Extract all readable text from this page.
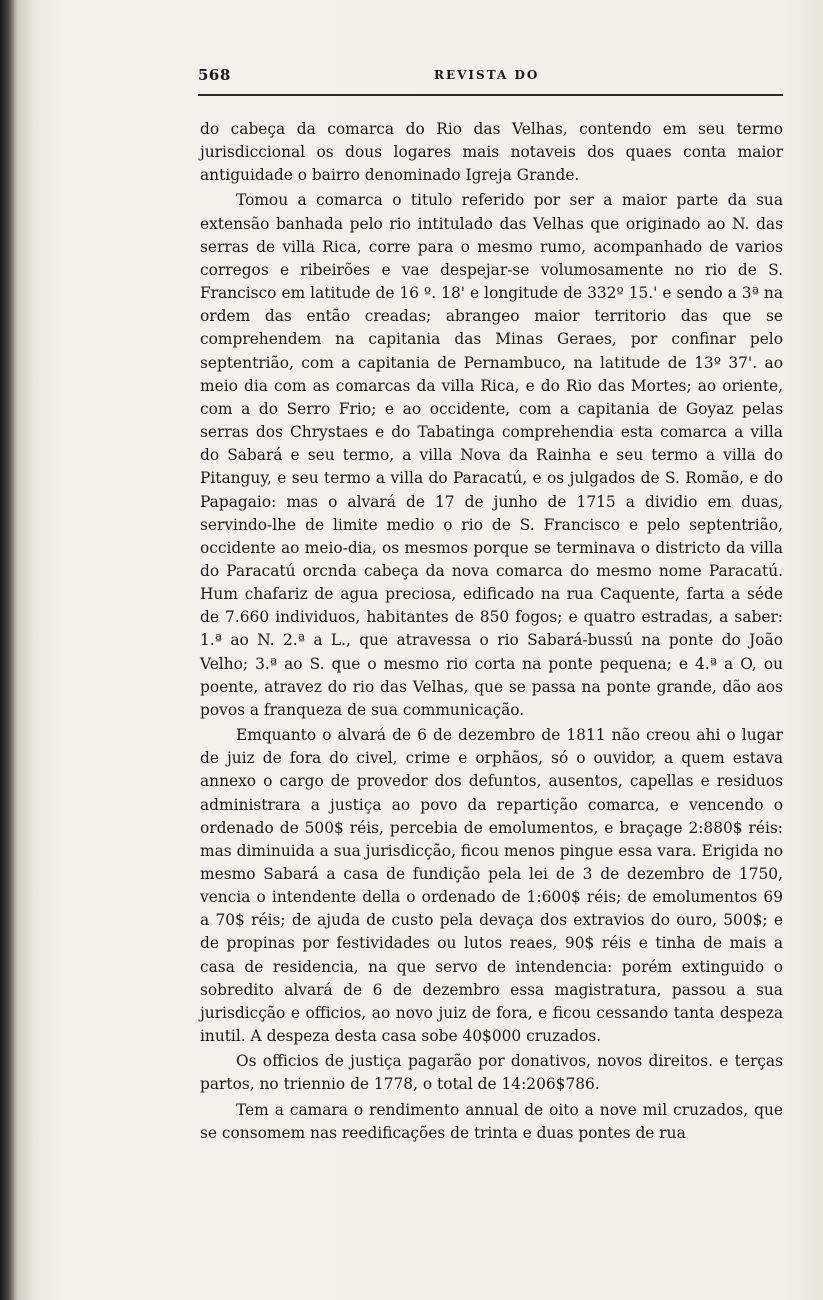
568	REVISTA DO

do cabeça da comarca do Rio das Velhas, contendo em seu termo jurisdiccional os dous logares mais notaveis dos quaes conta maior antiguidade o bairro denominado Igreja Grande.

Tomou a comarca o titulo referido por ser a maior parte da sua extensão banhada pelo rio intitulado das Velhas que originado ao N. das serras de villa Rica, corre para o mesmo rumo, acompanhado de varios corregos e ribeirões e vae despejar-se volumosamente no rio de S. Francisco em latitude de 16 º. 18' e longitude de 332º 15.' e sendo a 3ª na ordem das então creadas; abrangeo maior territorio das que se comprehendem na capitania das Minas Geraes, por confinar pelo septentrião, com a capitania de Pernambuco, na latitude de 13º 37'. ao meio dia com as comarcas da villa Rica, e do Rio das Mortes; ao oriente, com a do Serro Frio; e ao occidente, com a capitania de Goyaz pelas serras dos Chrystaes e do Tabatinga comprehendia esta comarca a villa do Sabará e seu termo, a villa Nova da Rainha e seu termo a villa do Pitanguy, e seu termo a villa do Paracatú, e os julgados de S. Romão, e do Papagaio: mas o alvará de 17 de junho de 1715 a dividio em duas, servindo-lhe de limite medio o rio de S. Francisco e pelo septentrião, occidente ao meio-dia, os mesmos porque se terminava o districto da villa do Paracatú orcnda cabeça da nova comarca do mesmo nome Paracatú. Hum chafariz de agua preciosa, edificado na rua Caquente, farta a séde de 7.660 individuos, habitantes de 850 fogos; e quatro estradas, a saber: 1.ª ao N. 2.ª a L., que atravessa o rio Sabará-bussú na ponte do João Velho; 3.ª ao S. que o mesmo rio corta na ponte pequena; e 4.ª a O, ou poente, atravez do rio das Velhas, que se passa na ponte grande, dão aos povos a franqueza de sua communicação.

Emquanto o alvará de 6 de dezembro de 1811 não creou ahi o lugar de juiz de fora do civel, crime e orphãos, só o ouvidor, a quem estava annexo o cargo de provedor dos defuntos, ausentos, capellas e residuos administrara a justiça ao povo da repartição comarca, e vencendo o ordenado de 500$ réis, percebia de emolumentos, e braçage 2:880$ réis: mas diminuida a sua jurisdicção, ficou menos pingue essa vara. Erigida no mesmo Sabará a casa de fundição pela lei de 3 de dezembro de 1750, vencia o intendente della o ordenado de 1:600$ réis; de emolumentos 69 a 70$ réis; de ajuda de custo pela devaça dos extravios do ouro, 500$; e de propinas por festividades ou lutos reaes, 90$ réis e tinha de mais a casa de residencia, na que servo de intendencia: porém extinguido o sobredito alvará de 6 de dezembro essa magistratura, passou a sua jurisdicção e officios, ao novo juiz de fora, e ficou cessando tanta despeza inutil. A despeza desta casa sobe 40$000 cruzados.

Os officios de justiça pagarão por donativos, novos direitos. e terças partos, no triennio de 1778, o total de 14:206$786.

Tem a camara o rendimento annual de oito a nove mil cruzados, que se consomem nas reedificações de trinta e duas pontes de rua
